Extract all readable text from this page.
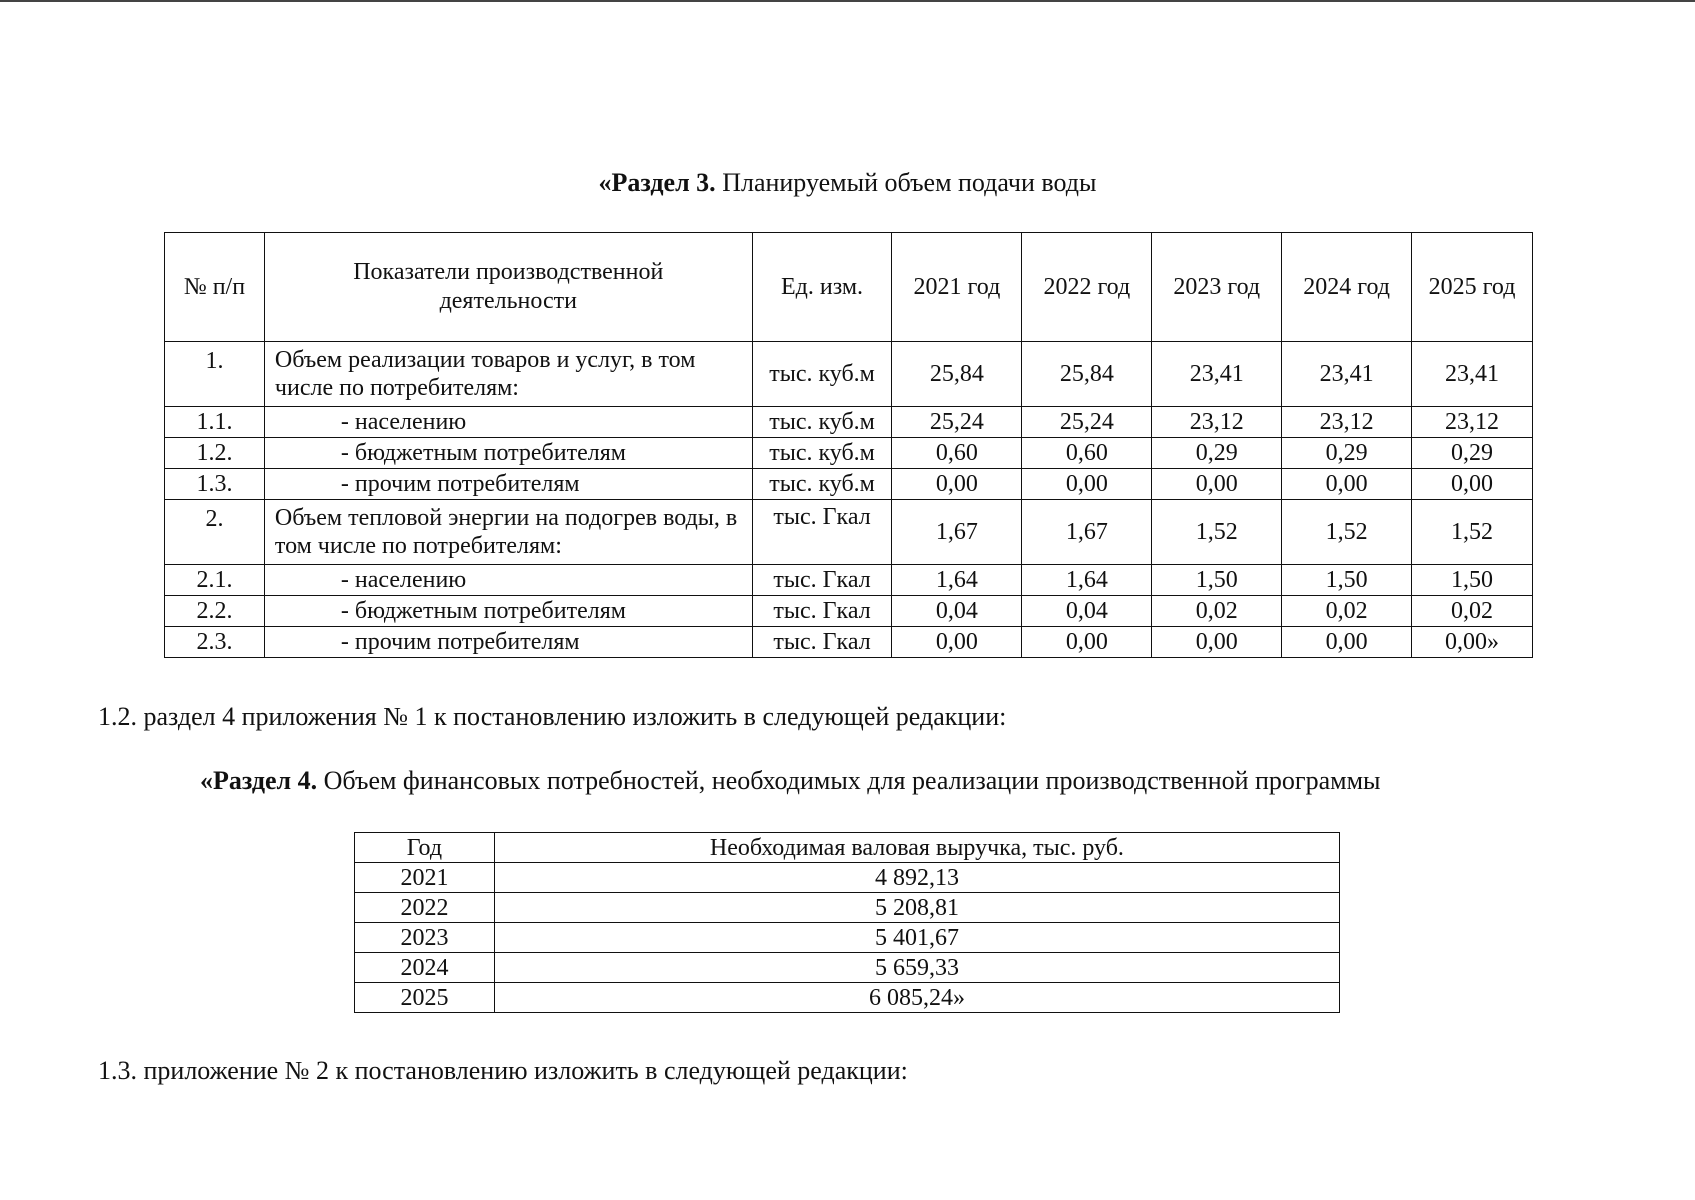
«Раздел 3. Планируемый объем подачи воды
№ п/п	Показатели производственной деятельности	Ед. изм.	2021 год	2022 год	2023 год	2024 год	2025 год
1.	Объем реализации товаров и услуг, в том числе по потребителям:	тыс. куб.м	25,84	25,84	23,41	23,41	23,41
1.1.	- населению	тыс. куб.м	25,24	25,24	23,12	23,12	23,12
1.2.	- бюджетным потребителям	тыс. куб.м	0,60	0,60	0,29	0,29	0,29
1.3.	- прочим потребителям	тыс. куб.м	0,00	0,00	0,00	0,00	0,00
2.	Объем тепловой энергии на подогрев воды, в том числе по потребителям:	тыс. Гкал	1,67	1,67	1,52	1,52	1,52
2.1.	- населению	тыс. Гкал	1,64	1,64	1,50	1,50	1,50
2.2.	- бюджетным потребителям	тыс. Гкал	0,04	0,04	0,02	0,02	0,02
2.3.	- прочим потребителям	тыс. Гкал	0,00	0,00	0,00	0,00	0,00»
1.2. раздел 4 приложения № 1 к постановлению изложить в следующей редакции:
«Раздел 4. Объем финансовых потребностей, необходимых для реализации производственной программы
Год	Необходимая валовая выручка, тыс. руб.
2021	4 892,13
2022	5 208,81
2023	5 401,67
2024	5 659,33
2025	6 085,24»
1.3. приложение № 2 к постановлению изложить в следующей редакции:
